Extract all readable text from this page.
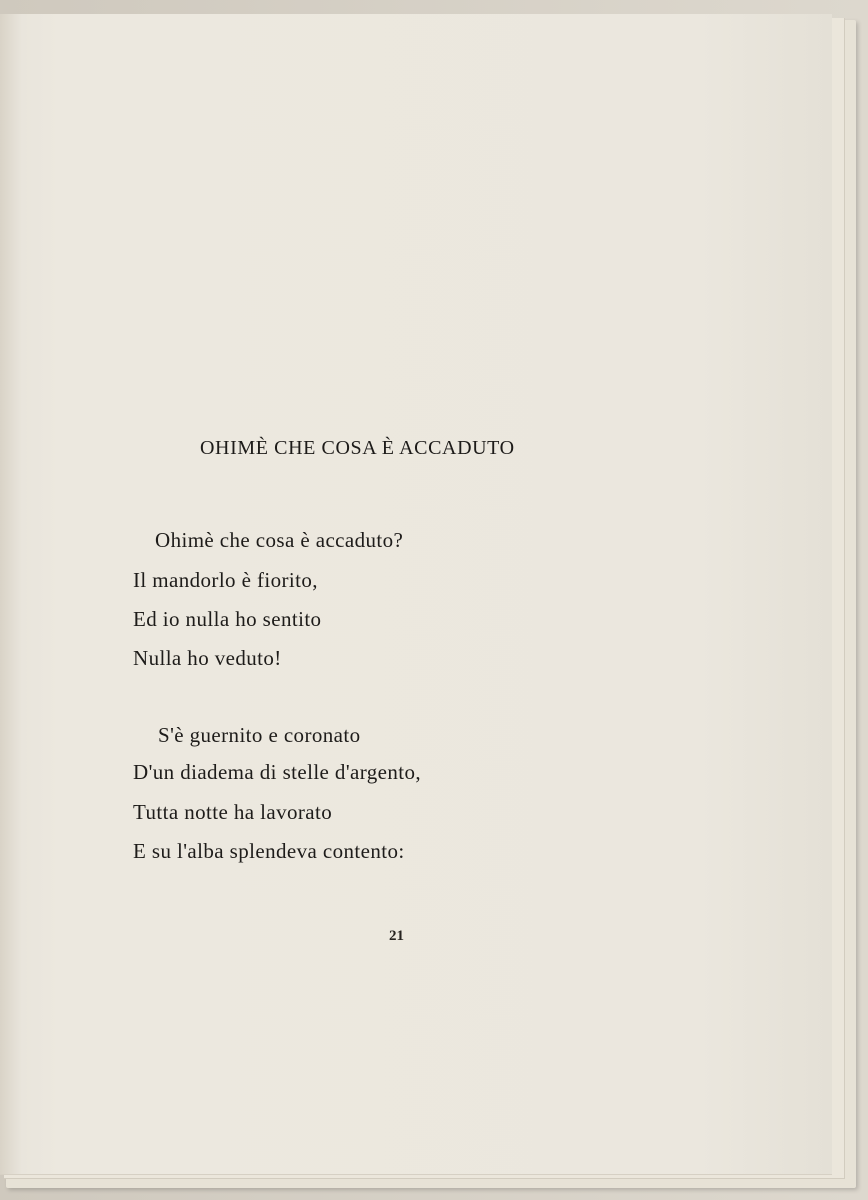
OHIMÈ CHE COSA È ACCADUTO

Ohimè che cosa è accaduto?

Il mandorlo è fiorito,

Ed io nulla ho sentito

Nulla ho veduto!

S'è guernito e coronato

D'un diadema di stelle d'argento,

Tutta notte ha lavorato

E su l'alba splendeva contento:

21
